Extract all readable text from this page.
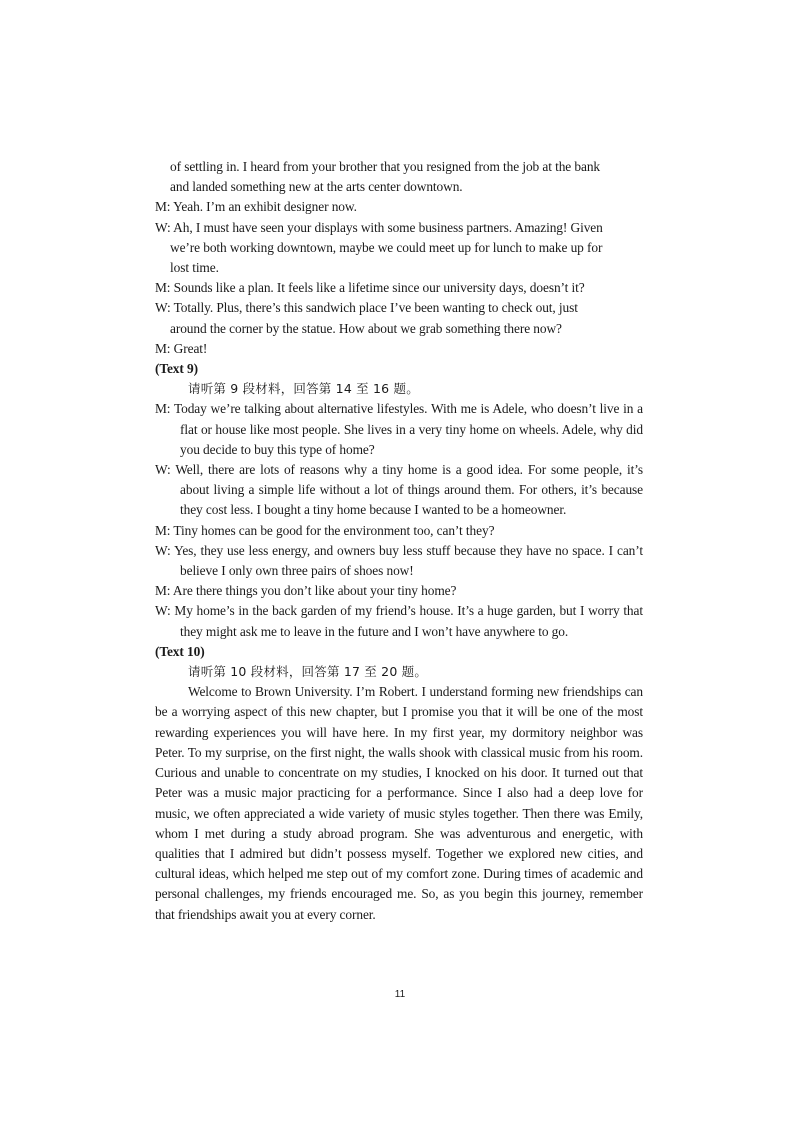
of settling in. I heard from your brother that you resigned from the job at the bank
and landed something new at the arts center downtown.
M: Yeah. I’m an exhibit designer now.
W: Ah, I must have seen your displays with some business partners. Amazing! Given
we’re both working downtown, maybe we could meet up for lunch to make up for
lost time.
M: Sounds like a plan. It feels like a lifetime since our university days, doesn’t it?
W: Totally. Plus, there’s this sandwich place I’ve been wanting to check out, just
around the corner by the statue. How about we grab something there now?
M: Great!
(Text 9)
请听第 9 段材料，回答第 14 至 16 题。
M: Today we’re talking about alternative lifestyles. With me is Adele, who doesn’t live in a flat or house like most people. She lives in a very tiny home on wheels. Adele, why did you decide to buy this type of home?
W: Well, there are lots of reasons why a tiny home is a good idea. For some people, it’s about living a simple life without a lot of things around them. For others, it’s because they cost less. I bought a tiny home because I wanted to be a homeowner.
M: Tiny homes can be good for the environment too, can’t they?
W: Yes, they use less energy, and owners buy less stuff because they have no space. I can’t believe I only own three pairs of shoes now!
M: Are there things you don’t like about your tiny home?
W: My home’s in the back garden of my friend’s house. It’s a huge garden, but I worry that they might ask me to leave in the future and I won’t have anywhere to go.
(Text 10)
请听第 10 段材料，回答第 17 至 20 题。
Welcome to Brown University. I’m Robert. I understand forming new friendships can be a worrying aspect of this new chapter, but I promise you that it will be one of the most rewarding experiences you will have here. In my first year, my dormitory neighbor was Peter. To my surprise, on the first night, the walls shook with classical music from his room. Curious and unable to concentrate on my studies, I knocked on his door. It turned out that Peter was a music major practicing for a performance. Since I also had a deep love for music, we often appreciated a wide variety of music styles together. Then there was Emily, whom I met during a study abroad program. She was adventurous and energetic, with qualities that I admired but didn’t possess myself. Together we explored new cities, and cultural ideas, which helped me step out of my comfort zone. During times of academic and personal challenges, my friends encouraged me. So, as you begin this journey, remember that friendships await you at every corner.
11
